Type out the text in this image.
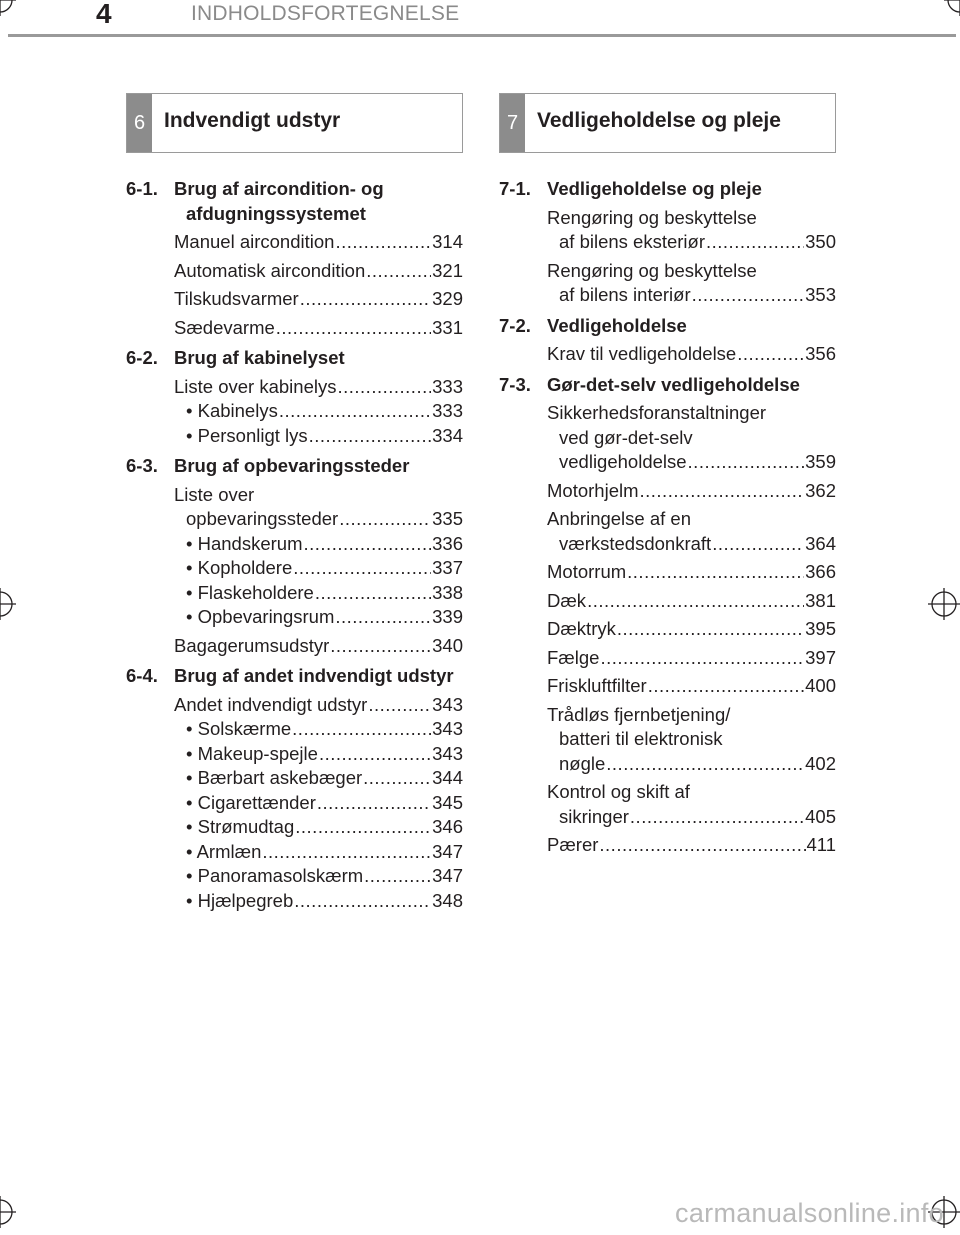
4	INDHOLDSFORTEGNELSE
6 Indvendigt udstyr
6-1. Brug af aircondition- og afdugningssystemet
Manuel aircondition .....	314
Automatisk aircondition .....	321
Tilskudsvarmer .....	329
Sædevarme .....	331
6-2. Brug af kabinelyset
Liste over kabinelys .....	333
• Kabinelys .....	333
• Personligt lys .....	334
6-3. Brug af opbevaringssteder
Liste over
opbevaringssteder .....	335
• Handskerum .....	336
• Kopholdere .....	337
• Flaskeholdere .....	338
• Opbevaringsrum .....	339
Bagagerumsudstyr .....	340
6-4. Brug af andet indvendigt udstyr
Andet indvendigt udstyr .....	343
• Solskærme .....	343
• Makeup-spejle .....	343
• Bærbart askebæger .....	344
• Cigarettænder .....	345
• Strømudtag .....	346
• Armlæn .....	347
• Panoramasolskærm .....	347
• Hjælpegreb .....	348
7 Vedligeholdelse og pleje
7-1. Vedligeholdelse og pleje
Rengøring og beskyttelse
af bilens eksteriør .....	350
Rengøring og beskyttelse
af bilens interiør .....	353
7-2. Vedligeholdelse
Krav til vedligeholdelse .....	356
7-3. Gør-det-selv vedligeholdelse
Sikkerhedsforanstaltninger
ved gør-det-selv
vedligeholdelse .....	359
Motorhjelm .....	362
Anbringelse af en
værkstedsdonkraft .....	364
Motorrum .....	366
Dæk .....	381
Dæktryk .....	395
Fælge .....	397
Friskluftfilter .....	400
Trådløs fjernbetjening/
batteri til elektronisk
nøgle .....	402
Kontrol og skift af
sikringer .....	405
Pærer .....	411
carmanualsonline.info
